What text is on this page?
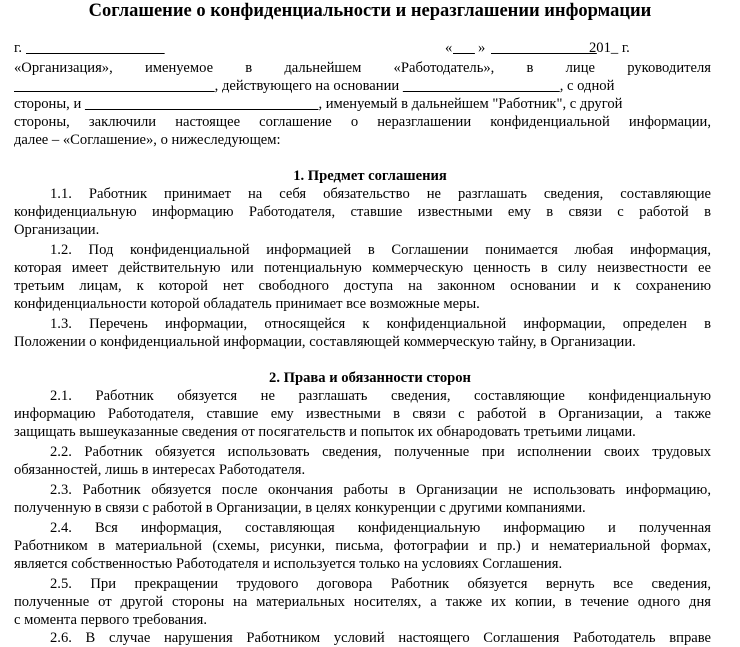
Соглашение о конфиденциальности и неразглашении информации
г.
	«
»
	201_ г.
«Организация», именуемое в дальнейшем «Работодатель», в лице руководителя
, действующего на основании	, с одной
стороны, и	, именуемый в дальнейшем "Работник", с другой
стороны, заключили настоящее соглашение о неразглашении конфиденциальной информации,
далее – «Соглашение», о нижеследующем:
1. Предмет соглашения
1.1. Работник принимает на себя обязательство не разглашать сведения, составляющие
конфиденциальную информацию Работодателя, ставшие известными ему в связи с работой в
Организации.
1.2. Под конфиденциальной информацией в Соглашении понимается любая информация,
которая имеет действительную или потенциальную коммерческую ценность в силу неизвестности ее
третьим лицам, к которой нет свободного доступа на законном основании и к сохранению
конфиденциальности которой обладатель принимает все возможные меры.
1.3. Перечень информации, относящейся к конфиденциальной информации, определен в
Положении о конфиденциальной информации, составляющей коммерческую тайну, в Организации.
2. Права и обязанности сторон
2.1. Работник обязуется не разглашать сведения, составляющие конфиденциальную
информацию Работодателя, ставшие ему известными в связи с работой в Организации, а также
защищать вышеуказанные сведения от посягательств и попыток их обнародовать третьими лицами.
2.2. Работник обязуется использовать сведения, полученные при исполнении своих трудовых
обязанностей, лишь в интересах Работодателя.
2.3. Работник обязуется после окончания работы в Организации не использовать информацию,
полученную в связи с работой в Организации, в целях конкуренции с другими компаниями.
2.4. Вся информация, составляющая конфиденциальную информацию и полученная
Работником в материальной (схемы, рисунки, письма, фотографии и пр.) и нематериальной формах,
является собственностью Работодателя и используется только на условиях Соглашения.
2.5. При прекращении трудового договора Работник обязуется вернуть все сведения,
полученные от другой стороны на материальных носителях, а также их копии, в течение одного дня
с момента первого требования.
2.6. В случае нарушения Работником условий настоящего Соглашения Работодатель вправе
